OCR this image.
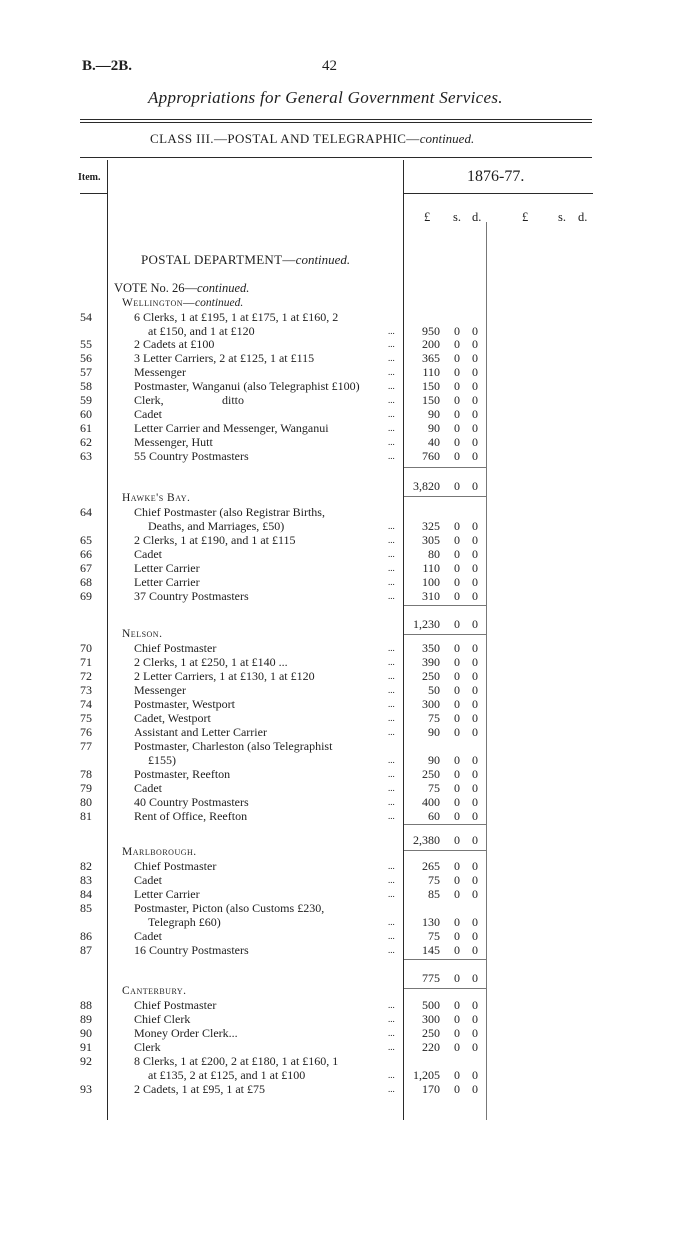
B.—2B.	42
Appropriations for General Government Services.
CLASS III.—POSTAL AND TELEGRAPHIC—continued.
Item.	1876-77.
£ s. d.	£ s. d.
POSTAL DEPARTMENT—continued.
VOTE No. 26—continued.
Wellington—continued.
54	6 Clerks, 1 at £195, 1 at £175, 1 at £160, 2
at £150, and 1 at £120	...	950 0 0
55	2 Cadets at £100	...	200 0 0
56	3 Letter Carriers, 2 at £125, 1 at £115	...	365 0 0
57	Messenger	...	110 0 0
58	Postmaster, Wanganui (also Telegraphist £100)	...	150 0 0
59	Clerk,	ditto	...	150 0 0
60	Cadet	...	90 0 0
61	Letter Carrier and Messenger, Wanganui	...	90 0 0
62	Messenger, Hutt	...	40 0 0
63	55 Country Postmasters	...	760 0 0
3,820 0 0
Hawke's Bay.
64	Chief Postmaster (also Registrar Births,
Deaths, and Marriages, £50)	...	325 0 0
65	2 Clerks, 1 at £190, and 1 at £115	...	305 0 0
66	Cadet	...	80 0 0
67	Letter Carrier	...	110 0 0
68	Letter Carrier	...	100 0 0
69	37 Country Postmasters	...	310 0 0
1,230 0 0
Nelson.
70	Chief Postmaster	...	350 0 0
71	2 Clerks, 1 at £250, 1 at £140 ...	...	390 0 0
72	2 Letter Carriers, 1 at £130, 1 at £120	...	250 0 0
73	Messenger	...	50 0 0
74	Postmaster, Westport	...	300 0 0
75	Cadet, Westport	...	75 0 0
76	Assistant and Letter Carrier	...	90 0 0
77	Postmaster, Charleston (also Telegraphist
£155)	...	90 0 0
78	Postmaster, Reefton	...	250 0 0
79	Cadet	...	75 0 0
80	40 Country Postmasters	...	400 0 0
81	Rent of Office, Reefton	...	60 0 0
2,380 0 0
Marlborough.
82	Chief Postmaster	...	265 0 0
83	Cadet	...	75 0 0
84	Letter Carrier	...	85 0 0
85	Postmaster, Picton (also Customs £230,
Telegraph £60)	...	130 0 0
86	Cadet	...	75 0 0
87	16 Country Postmasters	...	145 0 0
775 0 0
Canterbury.
88	Chief Postmaster	...	500 0 0
89	Chief Clerk	...	300 0 0
90	Money Order Clerk...	...	250 0 0
91	Clerk	...	220 0 0
92	8 Clerks, 1 at £200, 2 at £180, 1 at £160, 1
at £135, 2 at £125, and 1 at £100	... 1,205 0 0
93	2 Cadets, 1 at £95, 1 at £75	...	170 0 0
